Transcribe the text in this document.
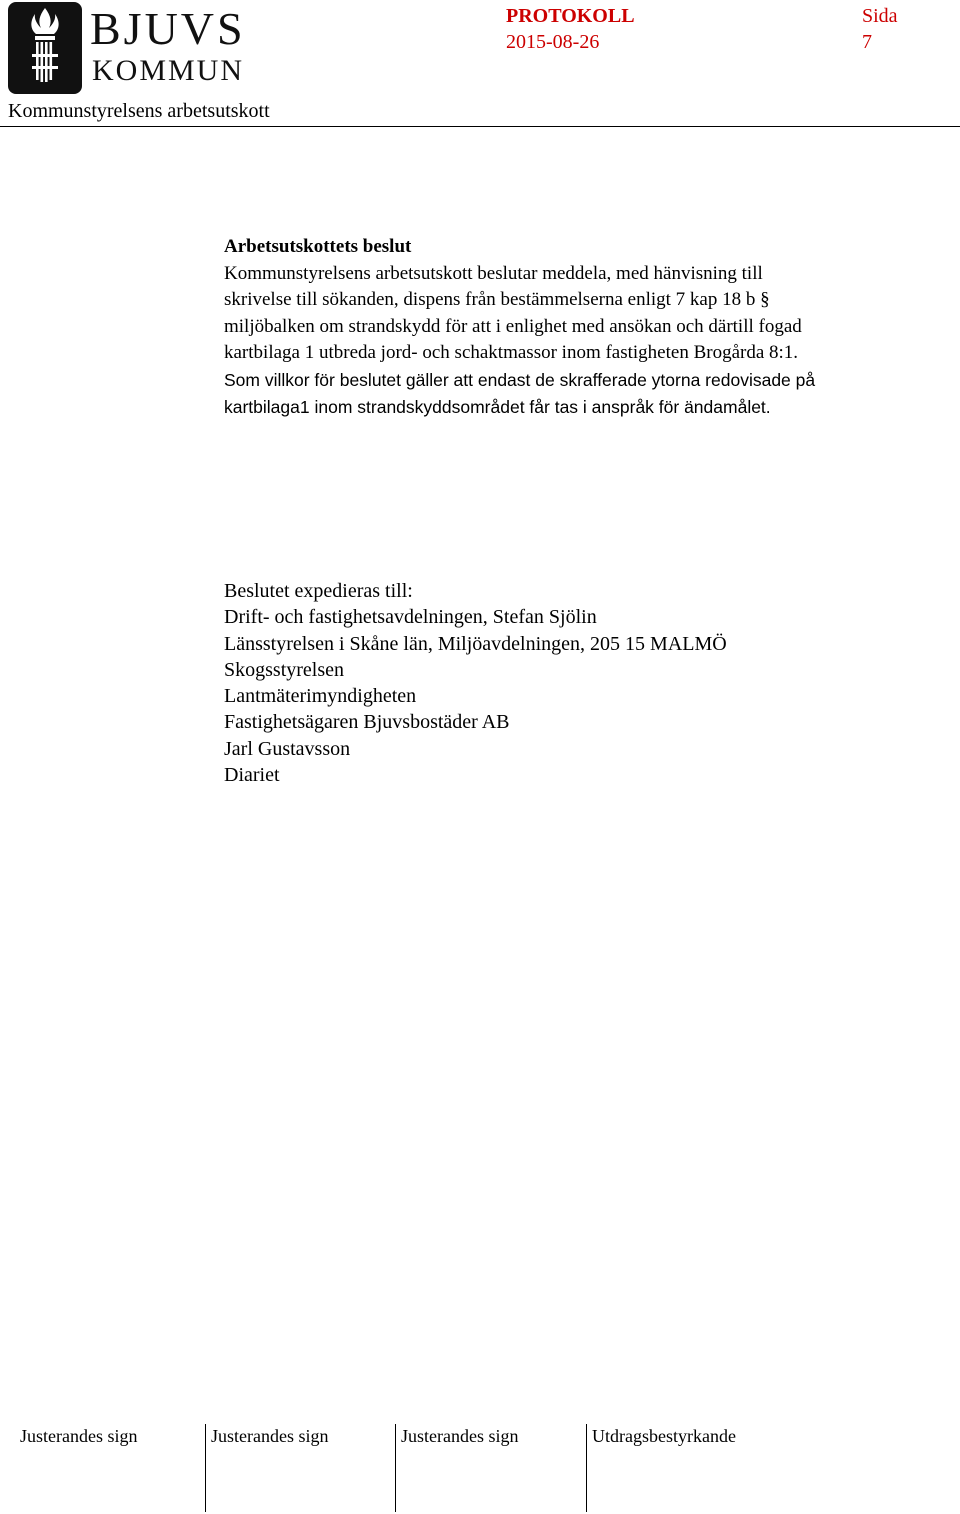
BJUVS
KOMMUN
PROTOKOLL
2015-08-26
Sida
7
Kommunstyrelsens arbetsutskott
Arbetsutskottets beslut
Kommunstyrelsens arbetsutskott beslutar meddela, med hänvisning till
skrivelse till sökanden, dispens från bestämmelserna enligt 7 kap 18 b §
miljöbalken om strandskydd för att i enlighet med ansökan och därtill fogad
kartbilaga 1 utbreda jord- och schaktmassor inom fastigheten Brogårda 8:1.
Som villkor för beslutet gäller att endast de skrafferade ytorna redovisade på
kartbilaga1 inom strandskyddsområdet får tas i anspråk för ändamålet.
Beslutet expedieras till:
Drift- och fastighetsavdelningen, Stefan Sjölin
Länsstyrelsen i Skåne län, Miljöavdelningen, 205 15 MALMÖ
Skogsstyrelsen
Lantmäterimyndigheten
Fastighetsägaren Bjuvsbostäder AB
Jarl Gustavsson
Diariet
Justerandes sign	Justerandes sign	Justerandes sign	Utdragsbestyrkande
